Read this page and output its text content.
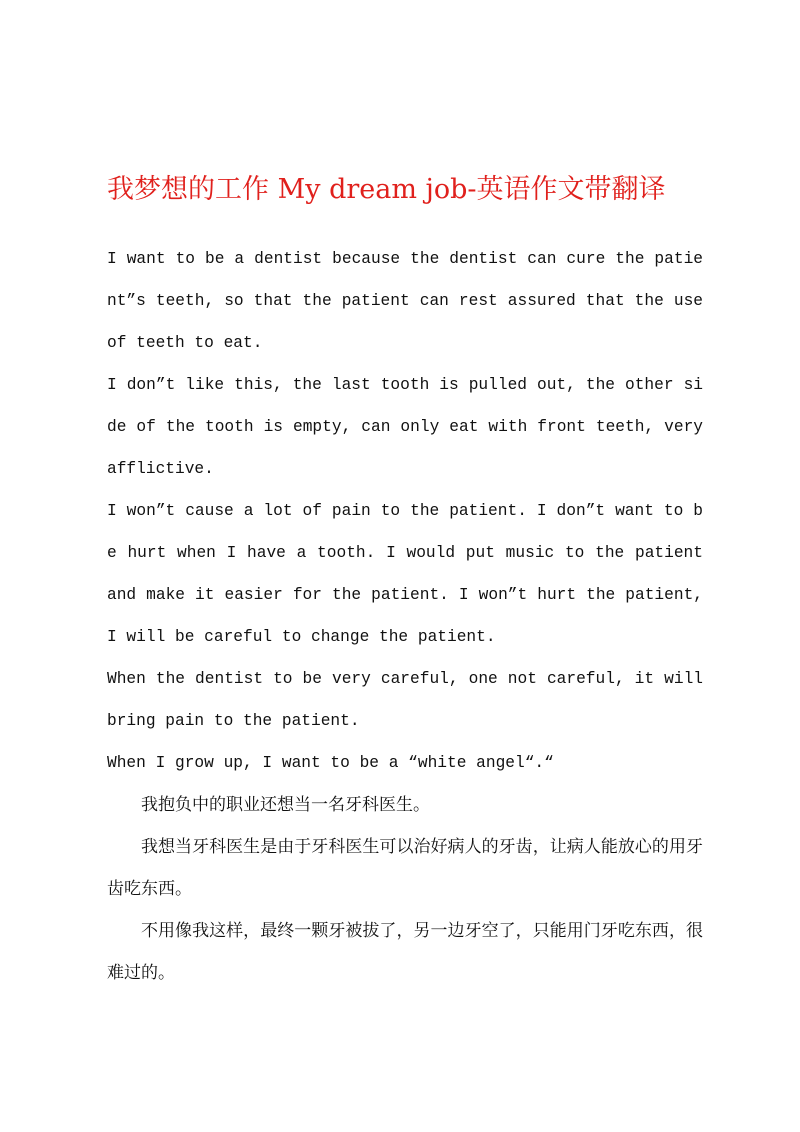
我梦想的工作 My dream job-英语作文带翻译

I want to be a dentist because the dentist can cure the patient”s teeth, so that the patient can rest assured that the use of teeth to eat.

I don”t like this, the last tooth is pulled out, the other side of the tooth is empty, can only eat with front teeth, very afflictive.

I won”t cause a lot of pain to the patient. I don”t want to be hurt when I have a tooth. I would put music to the patient and make it easier for the patient. I won”t hurt the patient, I will be careful to change the patient.

When the dentist to be very careful, one not careful, it will bring pain to the patient.

When I grow up, I want to be a “white angel“.“

我抱负中的职业还想当一名牙科医生。

我想当牙科医生是由于牙科医生可以治好病人的牙齿，让病人能放心的用牙齿吃东西。

不用像我这样，最终一颗牙被拔了，另一边牙空了，只能用门牙吃东西，很难过的。
